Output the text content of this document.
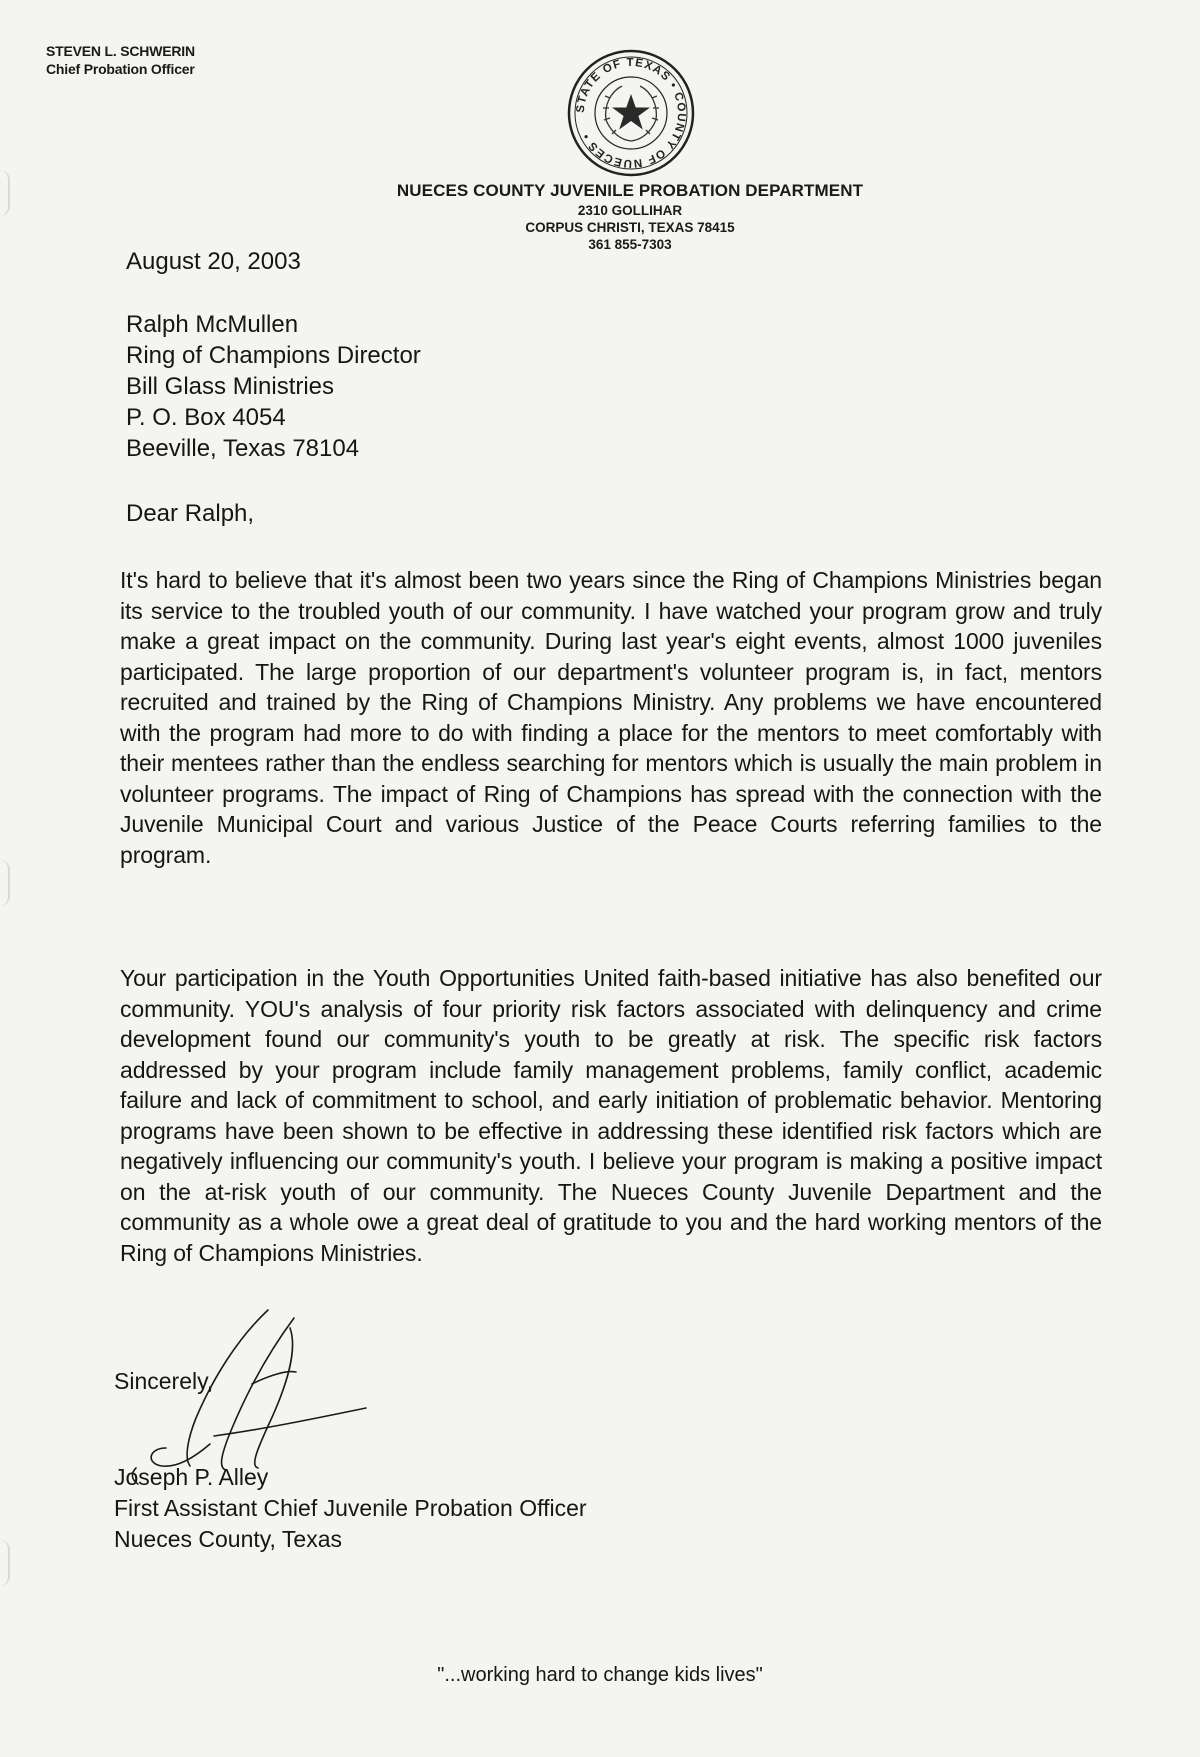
STEVEN L. SCHWERIN
Chief Probation Officer
STATE OF TEXAS • COUNTY OF NUECES •
NUECES COUNTY JUVENILE PROBATION DEPARTMENT
2310 GOLLIHAR
CORPUS CHRISTI, TEXAS 78415
361 855-7303
August 20, 2003
Ralph McMullen
Ring of Champions Director
Bill Glass Ministries
P. O. Box 4054
Beeville, Texas 78104
Dear Ralph,
It's hard to believe that it's almost been two years since the Ring of Champions Ministries began its service to the troubled youth of our community. I have watched your program grow and truly make a great impact on the community. During last year's eight events, almost 1000 juveniles participated. The large proportion of our department's volunteer program is, in fact, mentors recruited and trained by the Ring of Champions Ministry. Any problems we have encountered with the program had more to do with finding a place for the mentors to meet comfortably with their mentees rather than the endless searching for mentors which is usually the main problem in volunteer programs. The impact of Ring of Champions has spread with the connection with the Juvenile Municipal Court and various Justice of the Peace Courts referring families to the program.
Your participation in the Youth Opportunities United faith-based initiative has also benefited our community. YOU's analysis of four priority risk factors associated with delinquency and crime development found our community's youth to be greatly at risk. The specific risk factors addressed by your program include family management problems, family conflict, academic failure and lack of commitment to school, and early initiation of problematic behavior. Mentoring programs have been shown to be effective in addressing these identified risk factors which are negatively influencing our community's youth. I believe your program is making a positive impact on the at-risk youth of our community. The Nueces County Juvenile Department and the community as a whole owe a great deal of gratitude to you and the hard working mentors of the Ring of Champions Ministries.
Sincerely,
Joseph P. Alley
First Assistant Chief Juvenile Probation Officer
Nueces County, Texas
"...working hard to change kids lives"
